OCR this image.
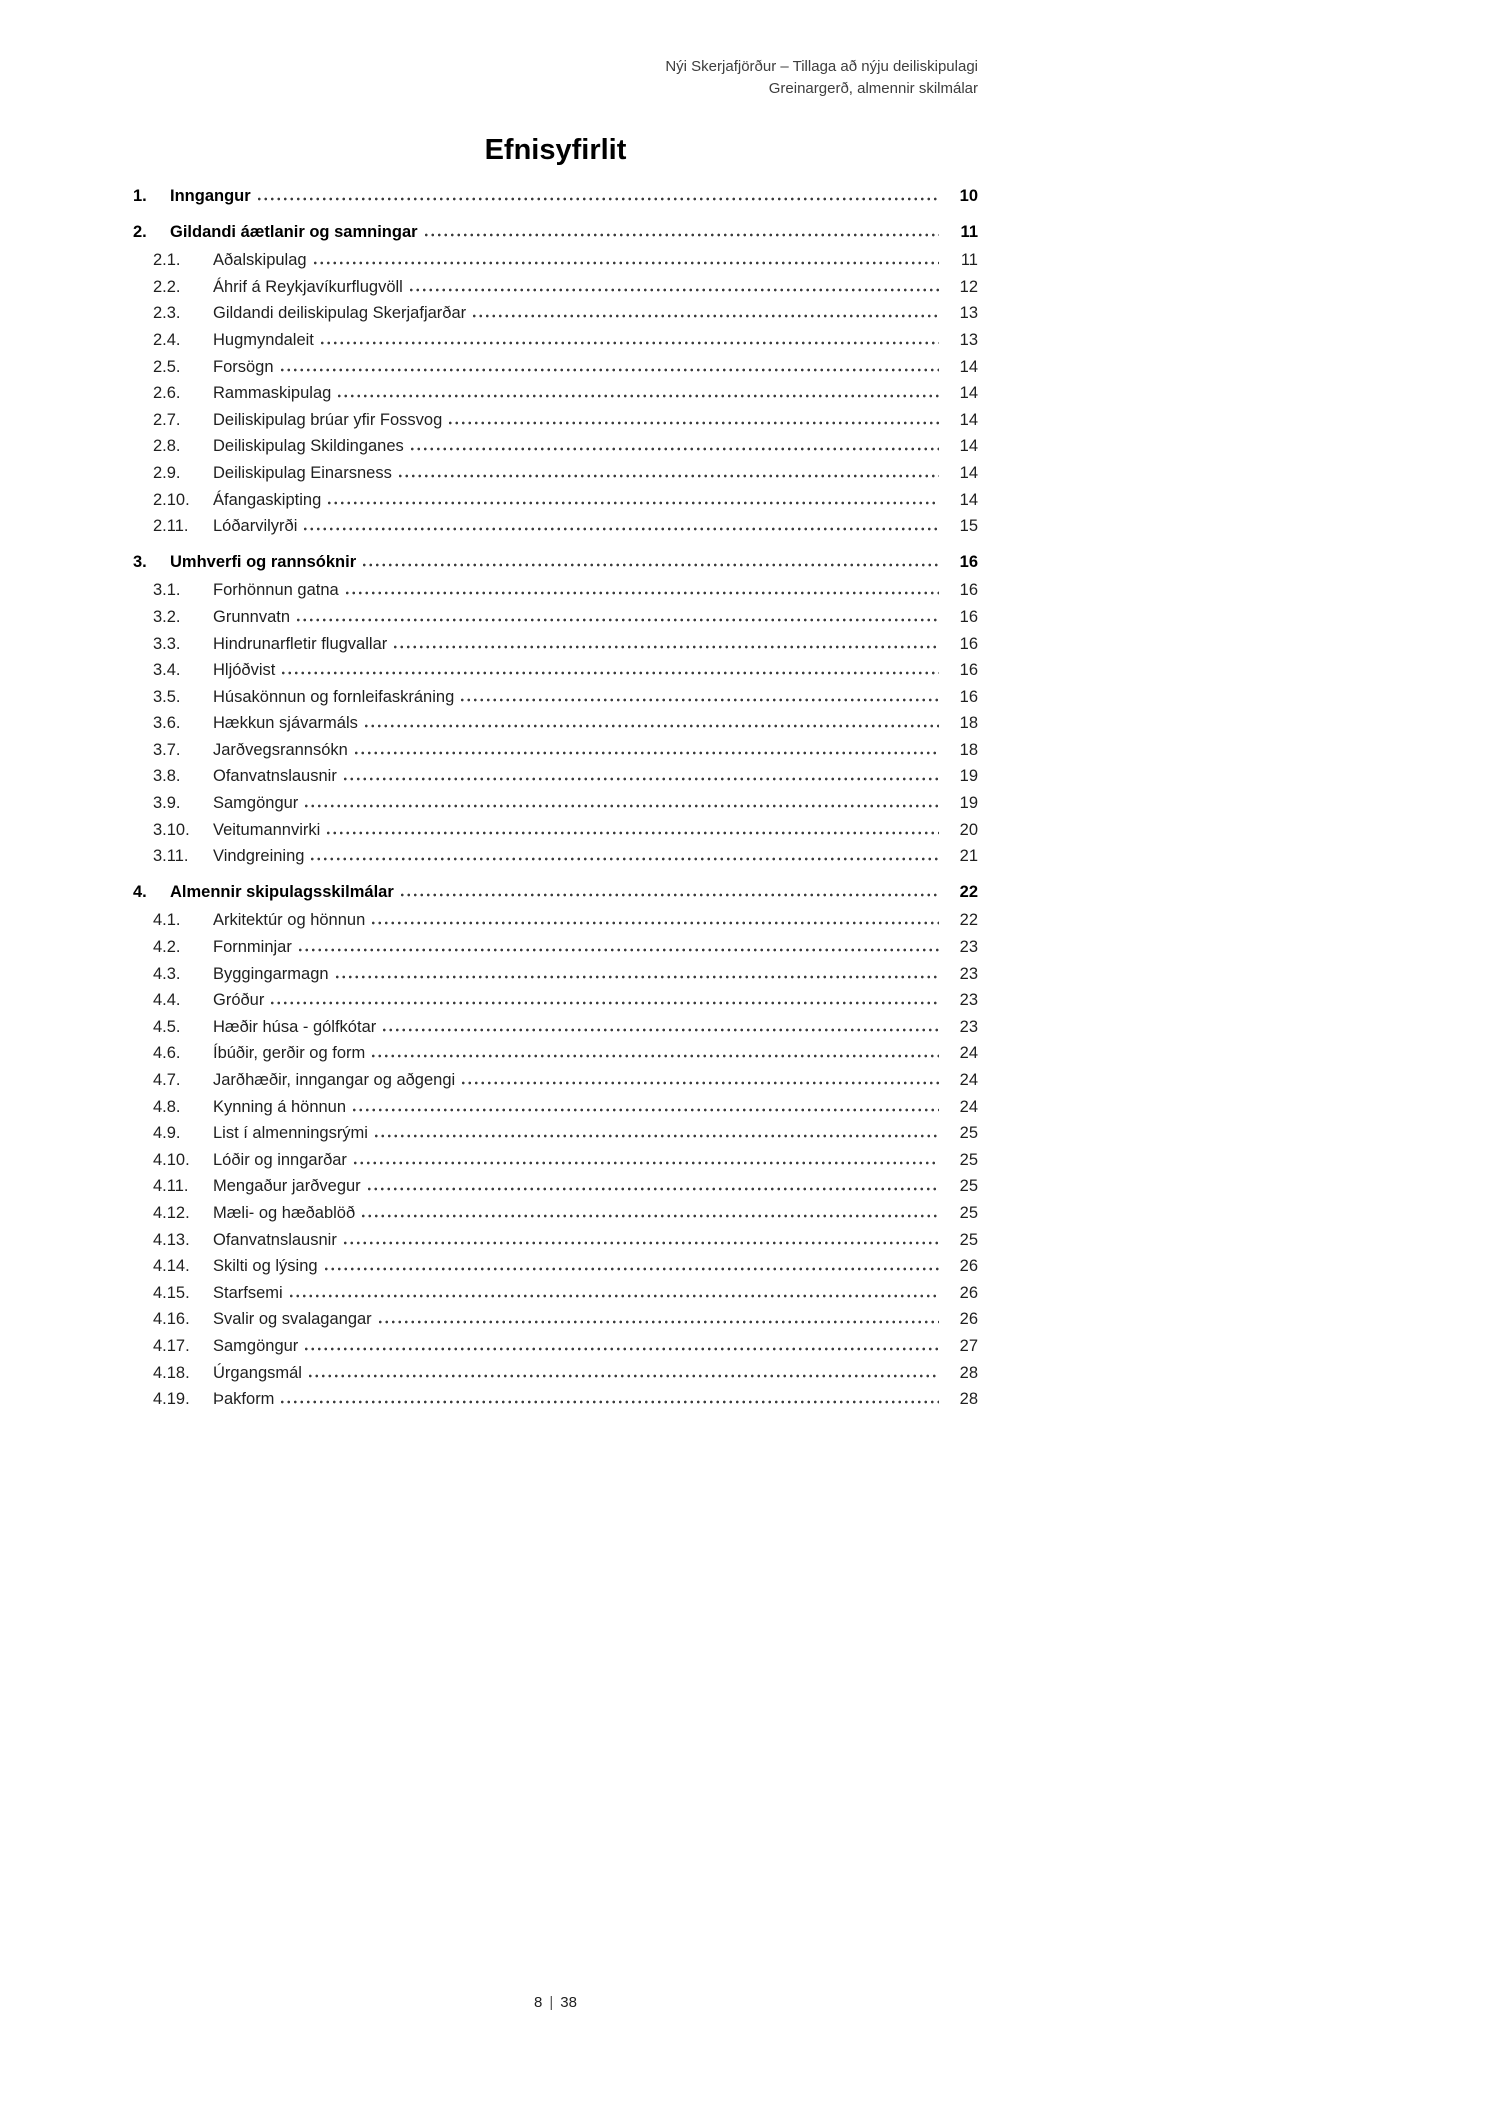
Nýi Skerjafjörður – Tillaga að nýju deiliskipulagi
Greinargerð, almennir skilmálar
Efnisyfirlit
1.	Inngangur	10
2.	Gildandi áætlanir og samningar	11
2.1.	Aðalskipulag	11
2.2.	Áhrif á Reykjavíkurflugvöll	12
2.3.	Gildandi deiliskipulag Skerjafjarðar	13
2.4.	Hugmyndaleit	13
2.5.	Forsögn	14
2.6.	Rammaskipulag	14
2.7.	Deiliskipulag brúar yfir Fossvog	14
2.8.	Deiliskipulag Skildinganes	14
2.9.	Deiliskipulag Einarsness	14
2.10.	Áfangaskipting	14
2.11.	Lóðarvilyrði	15
3.	Umhverfi og rannsóknir	16
3.1.	Forhönnun gatna	16
3.2.	Grunnvatn	16
3.3.	Hindrunarfletir flugvallar	16
3.4.	Hljóðvist	16
3.5.	Húsakönnun og fornleifaskráning	16
3.6.	Hækkun sjávarmáls	18
3.7.	Jarðvegsrannsókn	18
3.8.	Ofanvatnslausnir	19
3.9.	Samgöngur	19
3.10.	Veitumannvirki	20
3.11.	Vindgreining	21
4.	Almennir skipulagsskilmálar	22
4.1.	Arkitektúr og hönnun	22
4.2.	Fornminjar	23
4.3.	Byggingarmagn	23
4.4.	Gróður	23
4.5.	Hæðir húsa - gólfkótar	23
4.6.	Íbúðir, gerðir og form	24
4.7.	Jarðhæðir, inngangar og aðgengi	24
4.8.	Kynning á hönnun	24
4.9.	List í almenningsrými	25
4.10.	Lóðir og inngarðar	25
4.11.	Mengaður jarðvegur	25
4.12.	Mæli- og hæðablöð	25
4.13.	Ofanvatnslausnir	25
4.14.	Skilti og lýsing	26
4.15.	Starfsemi	26
4.16.	Svalir og svalagangar	26
4.17.	Samgöngur	27
4.18.	Úrgangsmál	28
4.19.	Þakform	28
8 | 38
